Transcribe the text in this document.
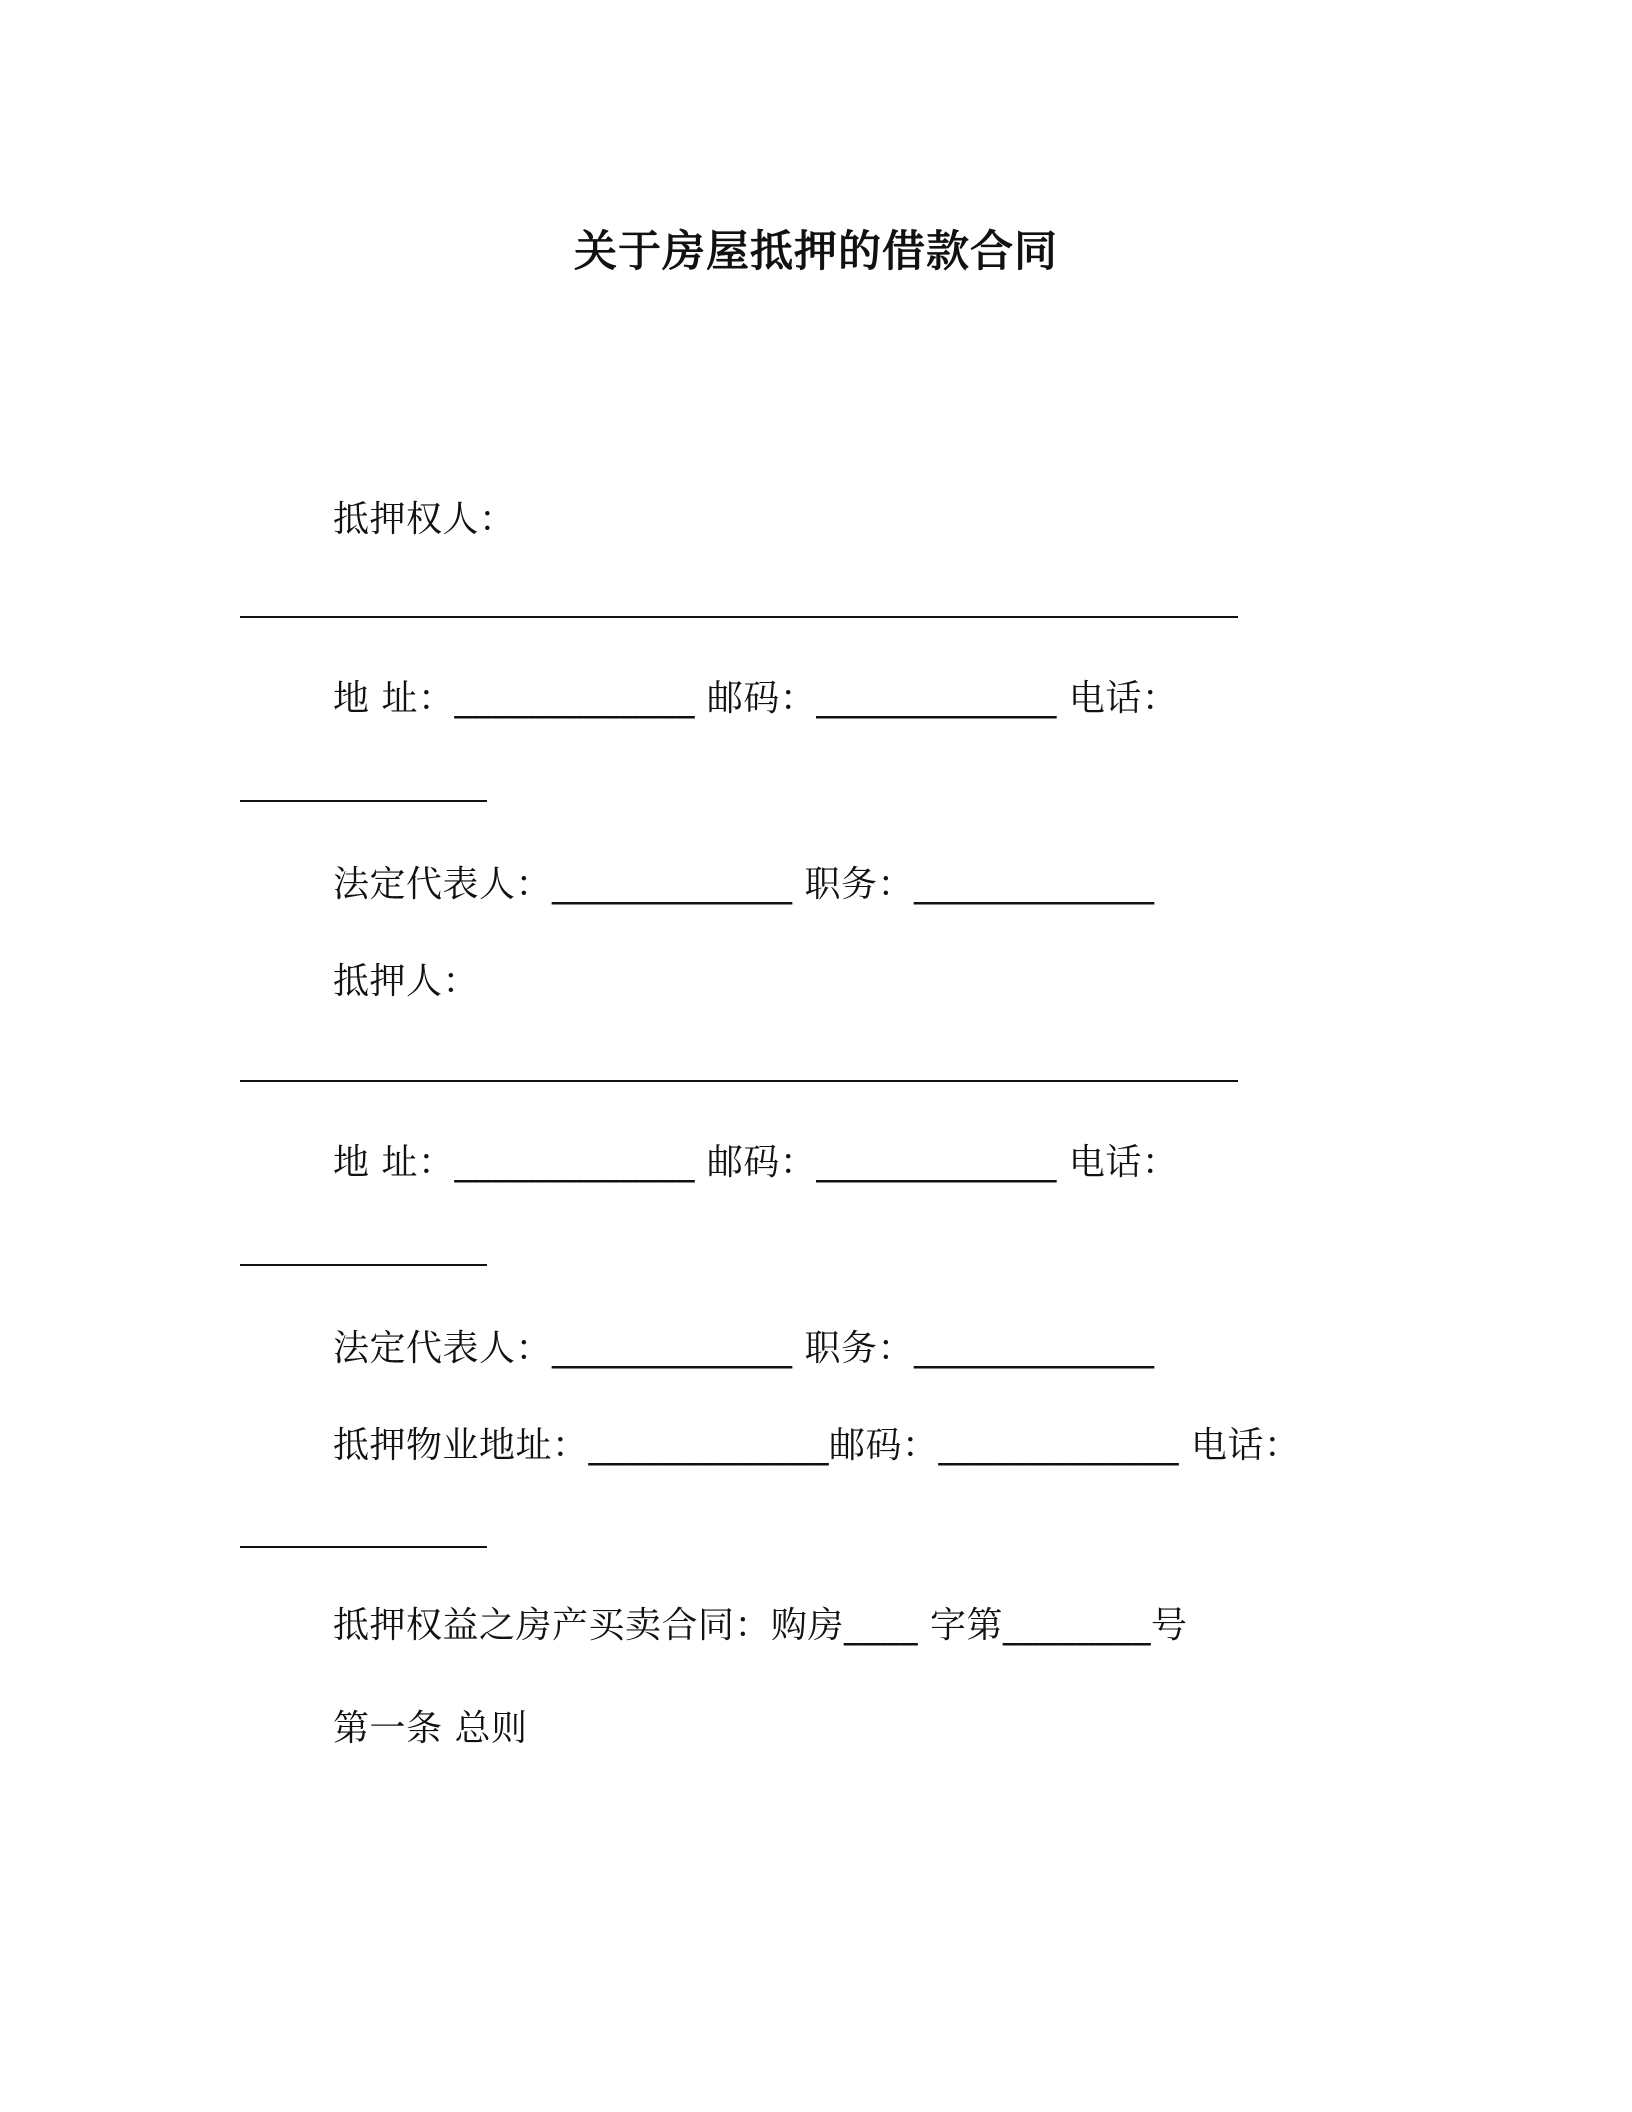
关于房屋抵押的借款合同
抵押权人：
地 址：_____________ 邮码：_____________ 电话：
法定代表人：_____________ 职务：_____________
抵押人：
地 址：_____________ 邮码：_____________ 电话：
法定代表人：_____________ 职务：_____________
抵押物业地址：_____________邮码：_____________ 电话：
抵押权益之房产买卖合同：购房____ 字第________号
第一条 总则
